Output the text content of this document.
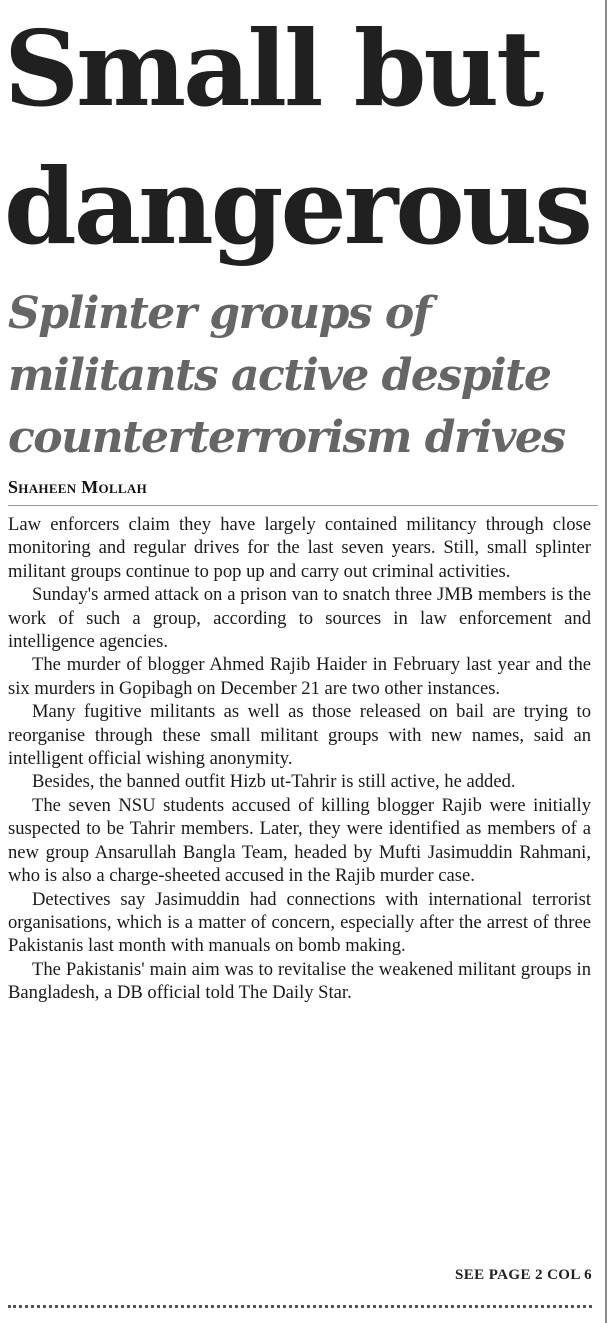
Small but
dangerous
Splinter groups of
militants active despite
counterterrorism drives
Shaheen Mollah

Law enforcers claim they have largely contained militancy through close monitoring and regular drives for the last seven years. Still, small splinter militant groups continue to pop up and carry out criminal activities.

Sunday's armed attack on a prison van to snatch three JMB members is the work of such a group, according to sources in law enforcement and intelligence agencies.

The murder of blogger Ahmed Rajib Haider in February last year and the six murders in Gopibagh on December 21 are two other instances.

Many fugitive militants as well as those released on bail are trying to reorganise through these small militant groups with new names, said an intelligent official wishing anonymity.

Besides, the banned outfit Hizb ut-Tahrir is still active, he added.

The seven NSU students accused of killing blogger Rajib were initially suspected to be Tahrir members. Later, they were identified as members of a new group Ansarullah Bangla Team, headed by Mufti Jasimuddin Rahmani, who is also a charge-sheeted accused in the Rajib murder case.

Detectives say Jasimuddin had connections with international terrorist organisations, which is a matter of concern, especially after the arrest of three Pakistanis last month with manuals on bomb making.

The Pakistanis' main aim was to revitalise the weakened militant groups in Bangladesh, a DB official told The Daily Star.

SEE PAGE 2 COL 6
